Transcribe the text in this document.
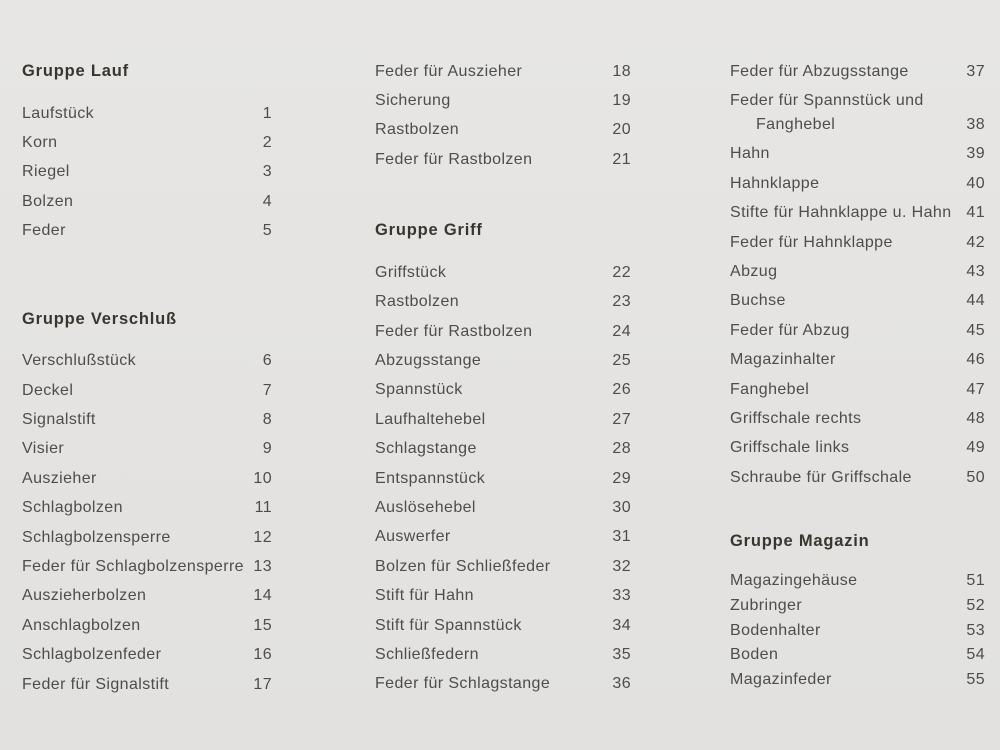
Gruppe Lauf
Laufstück	1
Korn	2
Riegel	3
Bolzen	4
Feder	5
Gruppe Verschluß
Verschlußstück	6
Deckel	7
Signalstift	8
Visier	9
Auszieher	10
Schlagbolzen	11
Schlagbolzensperre	12
Feder für Schlagbolzensperre 13
Auszieherbolzen	14
Anschlagbolzen	15
Schlagbolzenfeder	16
Feder für Signalstift	17
Feder für Auszieher	18
Sicherung	19
Rastbolzen	20
Feder für Rastbolzen	21
Gruppe Griff
Griffstück	22
Rastbolzen	23
Feder für Rastbolzen	24
Abzugsstange	25
Spannstück	26
Laufhaltehebel	27
Schlagstange	28
Entspannstück	29
Auslösehebel	30
Auswerfer	31
Bolzen für Schließfeder	32
Stift für Hahn	33
Stift für Spannstück	34
Schließfedern	35
Feder für Schlagstange	36
Feder für Abzugsstange	37
Feder für Spannstück und
Fanghebel	38
Hahn	39
Hahnklappe	40
Stifte für Hahnklappe u. Hahn 41
Feder für Hahnklappe	42
Abzug	43
Buchse	44
Feder für Abzug	45
Magazinhalter	46
Fanghebel	47
Griffschale rechts	48
Griffschale links	49
Schraube für Griffschale	50
Gruppe Magazin
Magazingehäuse	51
Zubringer	52
Bodenhalter	53
Boden	54
Magazinfeder	55
